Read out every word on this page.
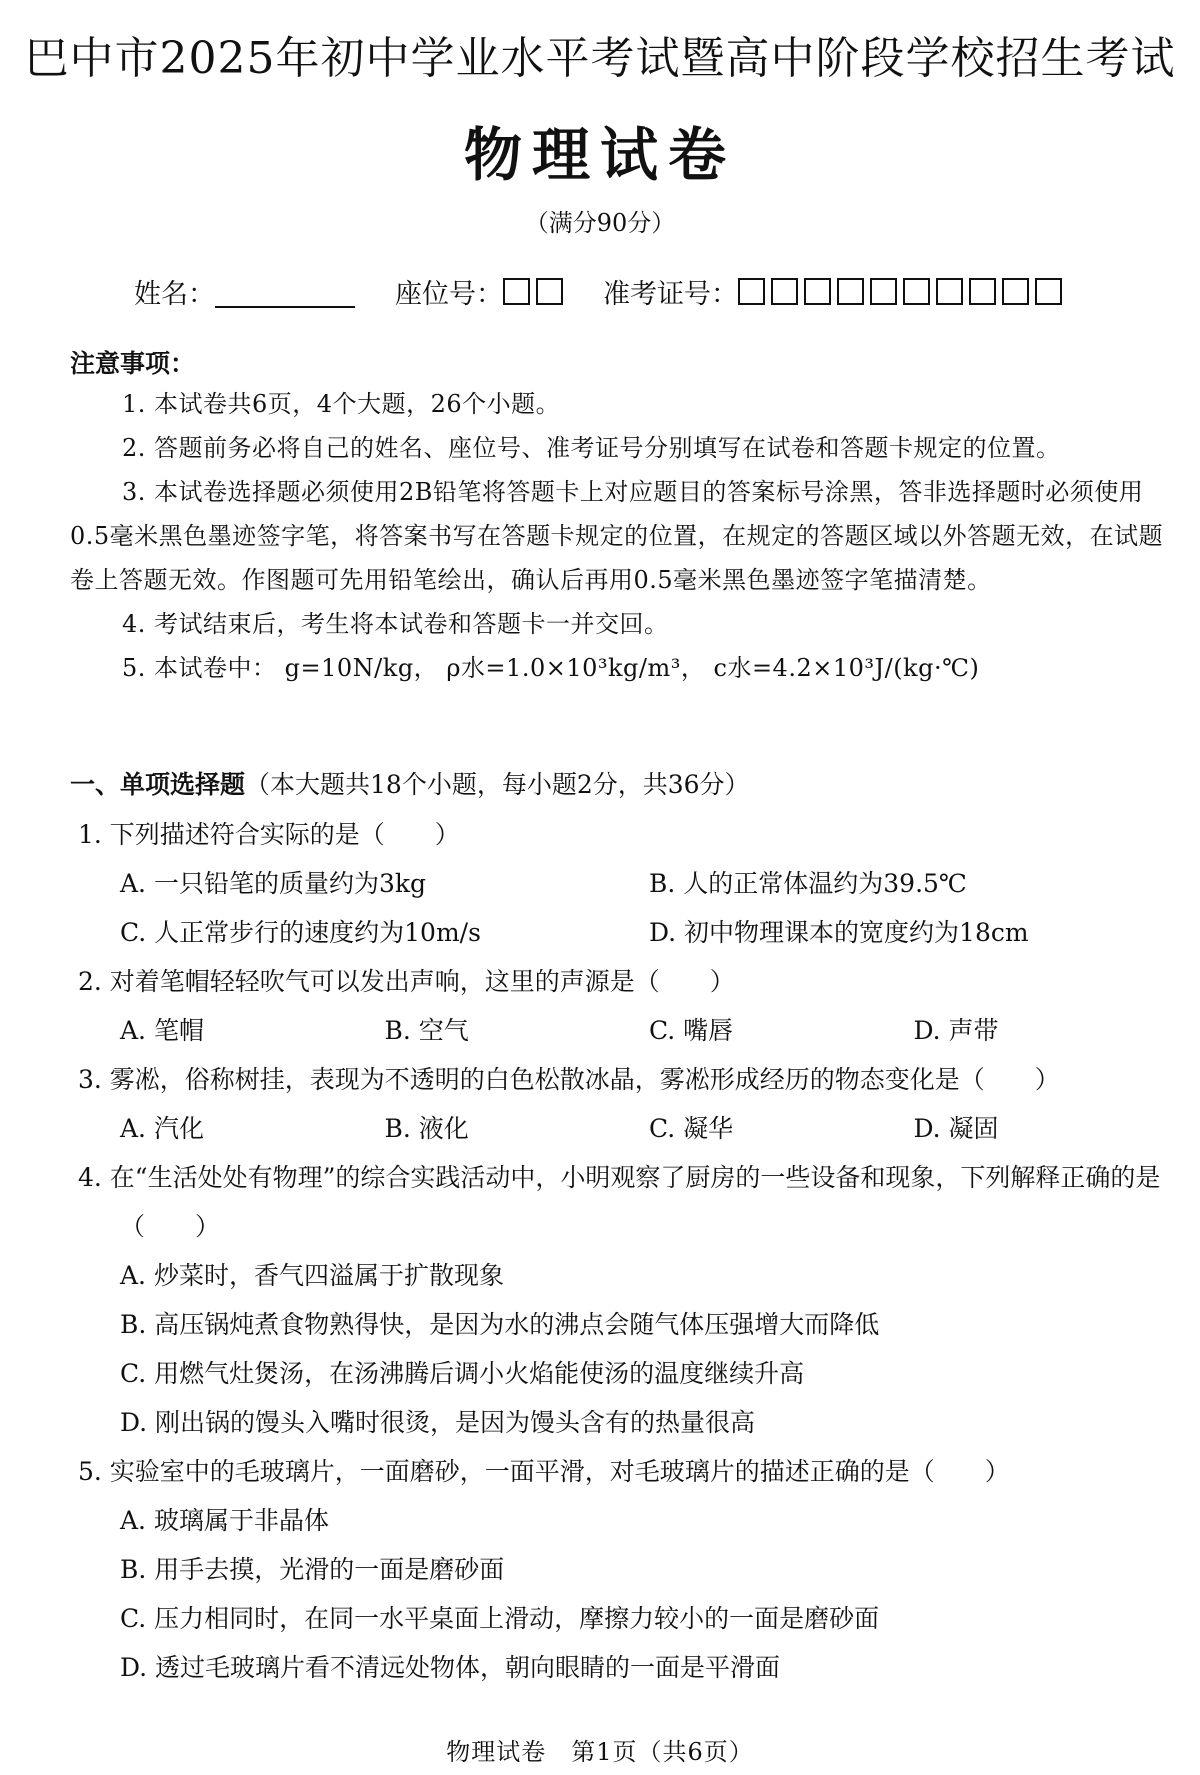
巴中市2025年初中学业水平考试暨高中阶段学校招生考试
物理试卷
（满分90分）
姓名：	座位号：	准考证号：
注意事项：

1. 本试卷共6页，4个大题，26个小题。

2. 答题前务必将自己的姓名、座位号、准考证号分别填写在试卷和答题卡规定的位置。

3. 本试卷选择题必须使用2B铅笔将答题卡上对应题目的答案标号涂黑，答非选择题时必须使用0.5毫米黑色墨迹签字笔，将答案书写在答题卡规定的位置，在规定的答题区域以外答题无效，在试题卷上答题无效。作图题可先用铅笔绘出，确认后再用0.5毫米黑色墨迹签字笔描清楚。

4. 考试结束后，考生将本试卷和答题卡一并交回。

5. 本试卷中： g=10N/kg， ρ水=1.0×10³kg/m³， c水=4.2×10³J/(kg·℃)

一、单项选择题（本大题共18个小题，每小题2分，共36分）

1. 下列描述符合实际的是（　　）

A. 一只铅笔的质量约为3kg	B. 人的正常体温约为39.5℃
C. 人正常步行的速度约为10m/s	D. 初中物理课本的宽度约为18cm

2. 对着笔帽轻轻吹气可以发出声响，这里的声源是（　　）

A. 笔帽	B. 空气	C. 嘴唇	D. 声带

3. 雾凇，俗称树挂，表现为不透明的白色松散冰晶，雾凇形成经历的物态变化是（　　）

A. 汽化	B. 液化	C. 凝华	D. 凝固

4. 在“生活处处有物理”的综合实践活动中，小明观察了厨房的一些设备和现象，下列解释正确的是（　　）

A. 炒菜时，香气四溢属于扩散现象
B. 高压锅炖煮食物熟得快，是因为水的沸点会随气体压强增大而降低
C. 用燃气灶煲汤，在汤沸腾后调小火焰能使汤的温度继续升高
D. 刚出锅的馒头入嘴时很烫，是因为馒头含有的热量很高

5. 实验室中的毛玻璃片，一面磨砂，一面平滑，对毛玻璃片的描述正确的是（　　）

A. 玻璃属于非晶体
B. 用手去摸，光滑的一面是磨砂面
C. 压力相同时，在同一水平桌面上滑动，摩擦力较小的一面是磨砂面
D. 透过毛玻璃片看不清远处物体，朝向眼睛的一面是平滑面
物理试卷　第1页（共6页）
